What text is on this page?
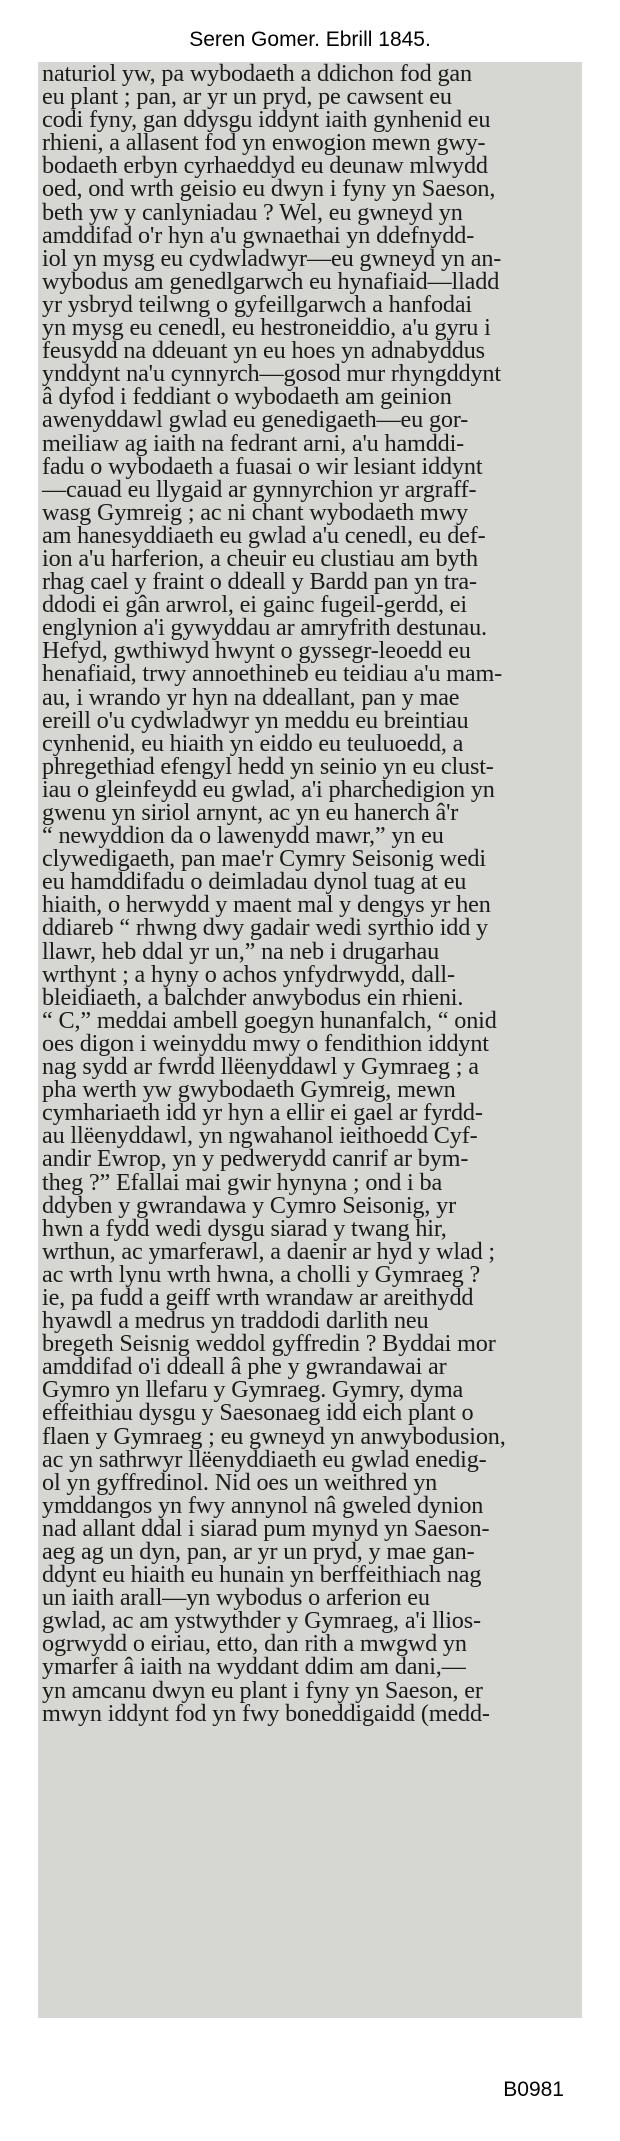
Seren Gomer. Ebrill 1845.
naturiol yw, pa wybodaeth a ddichon fod gan
eu plant ; pan, ar yr un pryd, pe cawsent eu
codi fyny, gan ddysgu iddynt iaith gynhenid eu
rhieni, a allasent fod yn enwogion mewn gwy-
bodaeth erbyn cyrhaeddyd eu deunaw mlwydd
oed, ond wrth geisio eu dwyn i fyny yn Saeson,
beth yw y canlyniadau ? Wel, eu gwneyd yn
amddifad o'r hyn a'u gwnaethai yn ddefnydd-
iol yn mysg eu cydwladwyr—eu gwneyd yn an-
wybodus am genedlgarwch eu hynafiaid—lladd
yr ysbryd teilwng o gyfeillgarwch a hanfodai
yn mysg eu cenedl, eu hestroneiddio, a'u gyru i
feusydd na ddeuant yn eu hoes yn adnabyddus
ynddynt na'u cynnyrch—gosod mur rhyngddynt
â dyfod i feddiant o wybodaeth am geinion
awenyddawl gwlad eu genedigaeth—eu gor-
meiliaw ag iaith na fedrant arni, a'u hamddi-
fadu o wybodaeth a fuasai o wir lesiant iddynt
—cauad eu llygaid ar gynnyrchion yr argraff-
wasg Gymreig ; ac ni chant wybodaeth mwy
am hanesyddiaeth eu gwlad a'u cenedl, eu def-
ion a'u harferion, a cheuir eu clustiau am byth
rhag cael y fraint o ddeall y Bardd pan yn tra-
ddodi ei gân arwrol, ei gainc fugeil-gerdd, ei
englynion a'i gywyddau ar amryfrith destunau.
Hefyd, gwthiwyd hwynt o gyssegr-leoedd eu
henafiaid, trwy annoethineb eu teidiau a'u mam-
au, i wrando yr hyn na ddeallant, pan y mae
ereill o'u cydwladwyr yn meddu eu breintiau
cynhenid, eu hiaith yn eiddo eu teuluoedd, a
phregethiad efengyl hedd yn seinio yn eu clust-
iau o gleinfeydd eu gwlad, a'i pharchedigion yn
gwenu yn siriol arnynt, ac yn eu hanerch â'r
“ newyddion da o lawenydd mawr,” yn eu
clywedigaeth, pan mae'r Cymry Seisonig wedi
eu hamddifadu o deimladau dynol tuag at eu
hiaith, o herwydd y maent mal y dengys yr hen
ddiareb “ rhwng dwy gadair wedi syrthio idd y
llawr, heb ddal yr un,” na neb i drugarhau
wrthynt ; a hyny o achos ynfydrwydd, dall-
bleidiaeth, a balchder anwybodus ein rhieni.
“ C,” meddai ambell goegyn hunanfalch, “ onid
oes digon i weinyddu mwy o fendithion iddynt
nag sydd ar fwrdd llëenyddawl y Gymraeg ; a
pha werth yw gwybodaeth Gymreig, mewn
cymhariaeth idd yr hyn a ellir ei gael ar fyrdd-
au llëenyddawl, yn ngwahanol ieithoedd Cyf-
andir Ewrop, yn y pedwerydd canrif ar bym-
theg ?” Efallai mai gwir hynyna ; ond i ba
ddyben y gwrandawa y Cymro Seisonig, yr
hwn a fydd wedi dysgu siarad y twang hir,
wrthun, ac ymarferawl, a daenir ar hyd y wlad ;
ac wrth lynu wrth hwna, a cholli y Gymraeg ?
ie, pa fudd a geiff wrth wrandaw ar areithydd
hyawdl a medrus yn traddodi darlith neu
bregeth Seisnig weddol gyffredin ? Byddai mor
amddifad o'i ddeall â phe y gwrandawai ar
Gymro yn llefaru y Gymraeg. Gymry, dyma
effeithiau dysgu y Saesonaeg idd eich plant o
flaen y Gymraeg ; eu gwneyd yn anwybodusion,
ac yn sathrwyr llëenyddiaeth eu gwlad enedig-
ol yn gyffredinol. Nid oes un weithred yn
ymddangos yn fwy annynol nâ gweled dynion
nad allant ddal i siarad pum mynyd yn Saeson-
aeg ag un dyn, pan, ar yr un pryd, y mae gan-
ddynt eu hiaith eu hunain yn berffeithiach nag
un iaith arall—yn wybodus o arferion eu
gwlad, ac am ystwythder y Gymraeg, a'i llios-
ogrwydd o eiriau, etto, dan rith a mwgwd yn
ymarfer â iaith na wyddant ddim am dani,—
yn amcanu dwyn eu plant i fyny yn Saeson, er
mwyn iddynt fod yn fwy boneddigaidd (medd-
B0981
